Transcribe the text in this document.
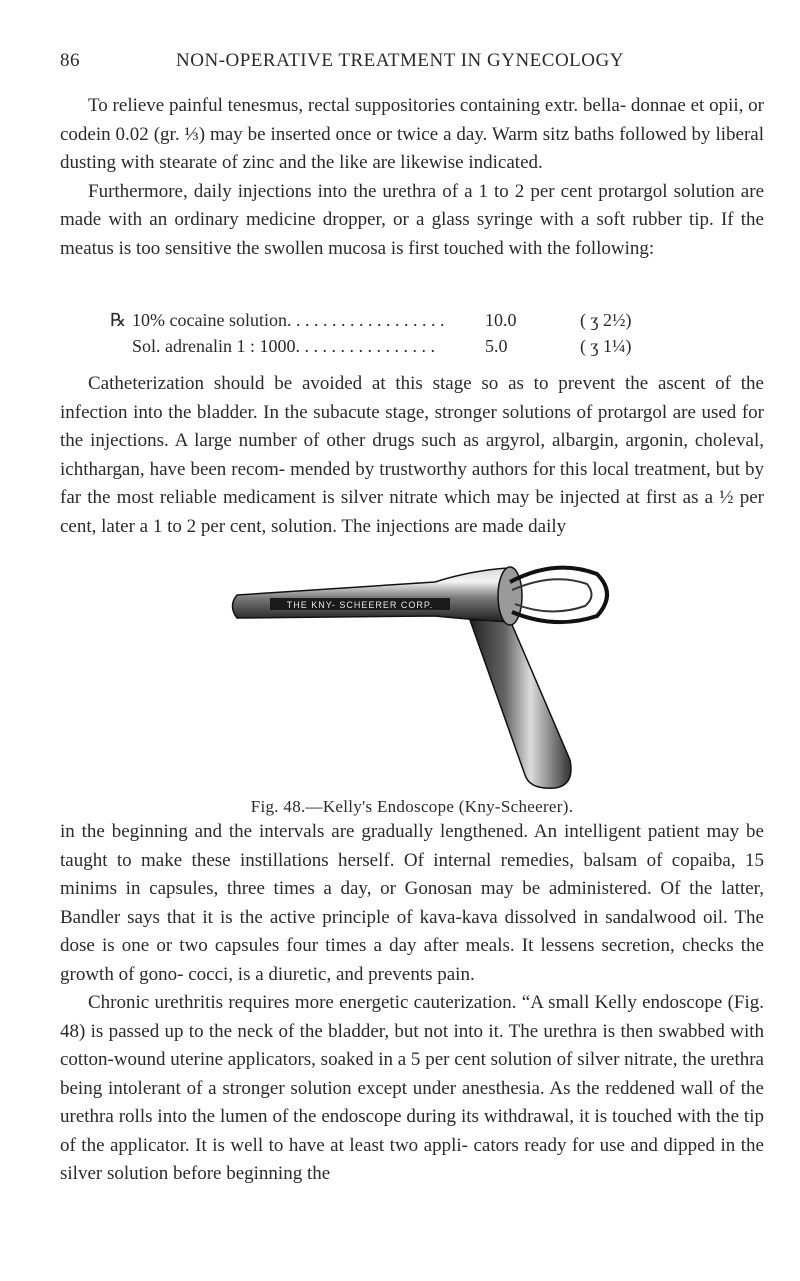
86	NON-OPERATIVE TREATMENT IN GYNECOLOGY

To relieve painful tenesmus, rectal suppositories containing extr. bella- donnae et opii, or codein 0.02 (gr. ⅓) may be inserted once or twice a day. Warm sitz baths followed by liberal dusting with stearate of zinc and the like are likewise indicated.

Furthermore, daily injections into the urethra of a 1 to 2 per cent protargol solution are made with an ordinary medicine dropper, or a glass syringe with a soft rubber tip. If the meatus is too sensitive the swollen mucosa is first touched with the following:

℞ 10% cocaine solution. . . . . . . . . . . . . . . . . . 10.0	( ʒ 2½)
Sol. adrenalin 1 : 1000. . . . . . . . . . . . . . . .	5.0	( ʒ 1¼)

Catheterization should be avoided at this stage so as to prevent the ascent of the infection into the bladder. In the subacute stage, stronger solutions of protargol are used for the injections. A large number of other drugs such as argyrol, albargin, argonin, choleval, ichthargan, have been recom- mended by trustworthy authors for this local treatment, but by far the most reliable medicament is silver nitrate which may be injected at first as a ½ per cent, later a 1 to 2 per cent, solution. The injections are made daily

THE KNY- SCHEERER CORP.
Fig. 48.—Kelly's Endoscope (Kny-Scheerer).

in the beginning and the intervals are gradually lengthened. An intelligent patient may be taught to make these instillations herself. Of internal remedies, balsam of copaiba, 15 minims in capsules, three times a day, or Gonosan may be administered. Of the latter, Bandler says that it is the active principle of kava-kava dissolved in sandalwood oil. The dose is one or two capsules four times a day after meals. It lessens secretion, checks the growth of gono- cocci, is a diuretic, and prevents pain.

Chronic urethritis requires more energetic cauterization. “A small Kelly endoscope (Fig. 48) is passed up to the neck of the bladder, but not into it. The urethra is then swabbed with cotton-wound uterine applicators, soaked in a 5 per cent solution of silver nitrate, the urethra being intolerant of a stronger solution except under anesthesia. As the reddened wall of the urethra rolls into the lumen of the endoscope during its withdrawal, it is touched with the tip of the applicator. It is well to have at least two appli- cators ready for use and dipped in the silver solution before beginning the
